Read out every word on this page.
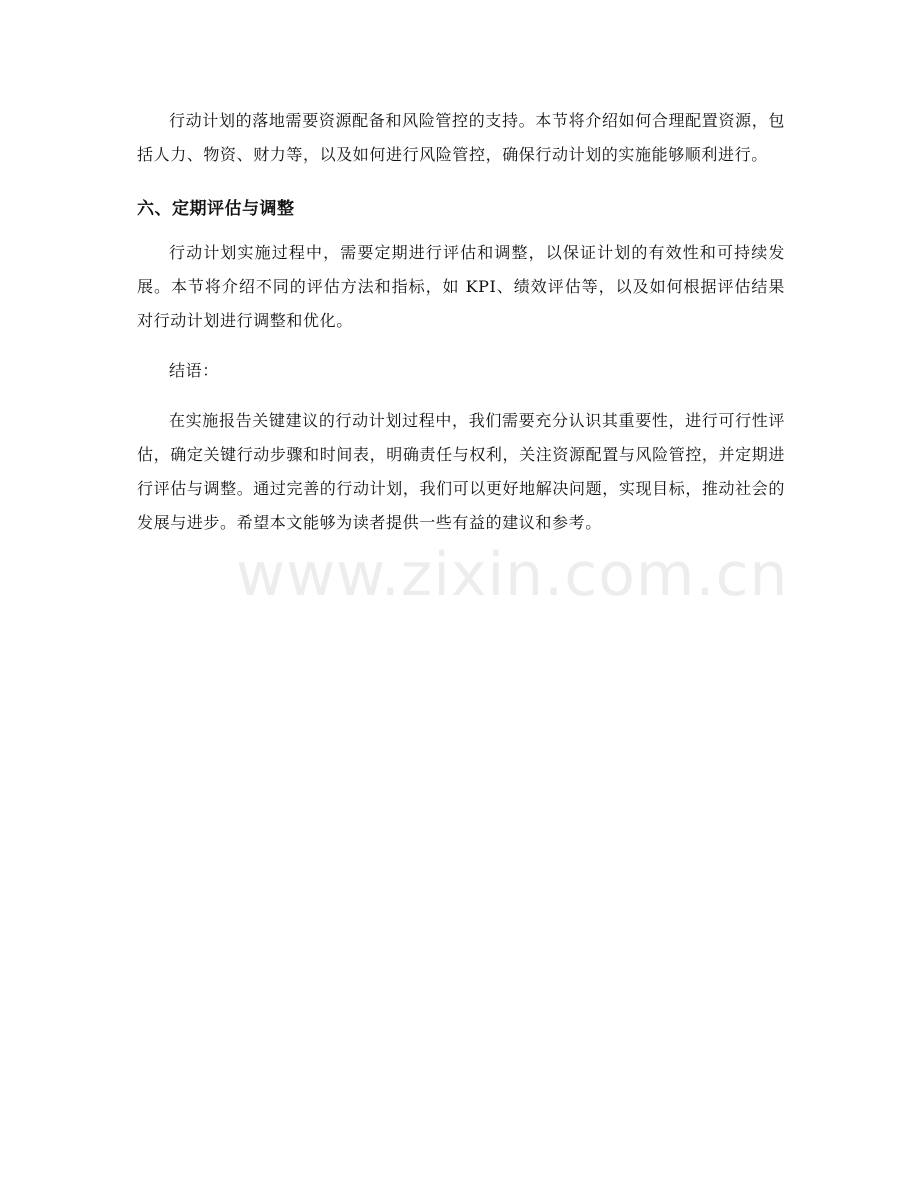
行动计划的落地需要资源配备和风险管控的支持。本节将介绍如何合理配置资源，包括人力、物资、财力等，以及如何进行风险管控，确保行动计划的实施能够顺利进行。

六、定期评估与调整

行动计划实施过程中，需要定期进行评估和调整，以保证计划的有效性和可持续发展。本节将介绍不同的评估方法和指标，如 KPI、绩效评估等，以及如何根据评估结果对行动计划进行调整和优化。

结语：

在实施报告关键建议的行动计划过程中，我们需要充分认识其重要性，进行可行性评估，确定关键行动步骤和时间表，明确责任与权利，关注资源配置与风险管控，并定期进行评估与调整。通过完善的行动计划，我们可以更好地解决问题，实现目标，推动社会的发展与进步。希望本文能够为读者提供一些有益的建议和参考。

www.zixin.com.cn
